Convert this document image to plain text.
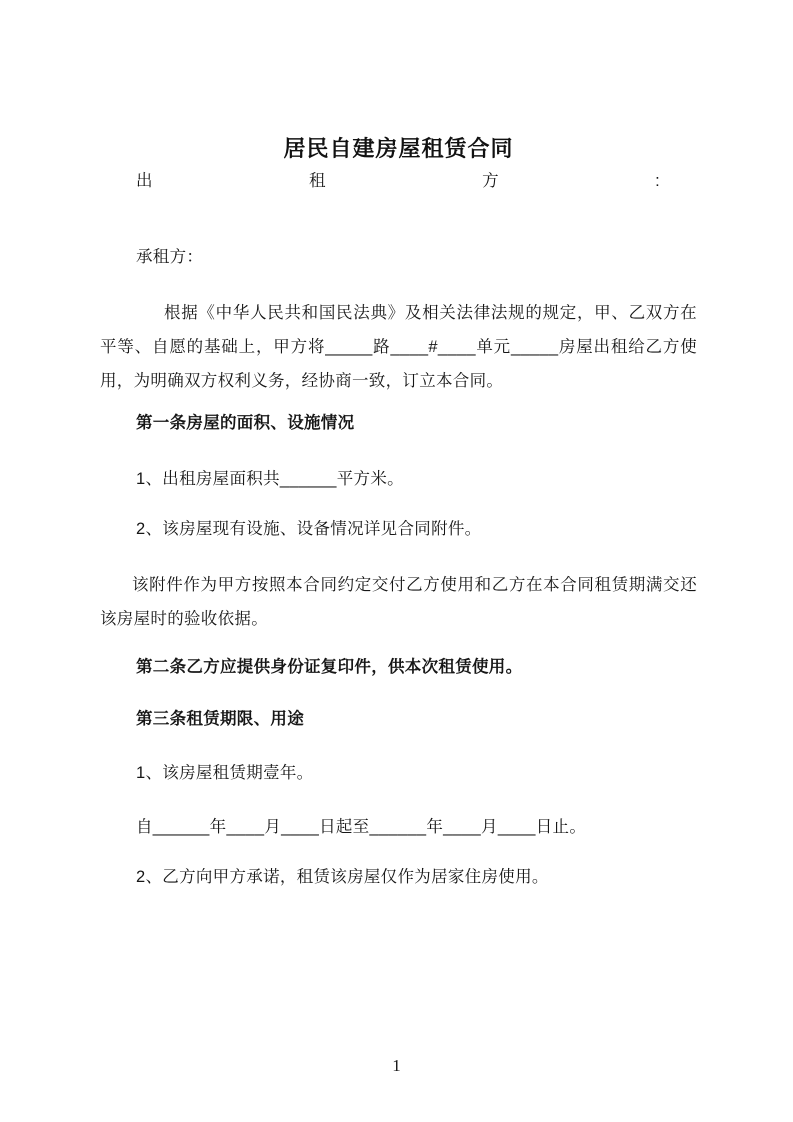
居民自建房屋租赁合同

出	租	方	:

承租方：

根据《中华人民共和国民法典》及相关法律法规的规定，甲、乙双方在平等、自愿的基础上，甲方将_____路____#____单元_____房屋出租给乙方使用，为明确双方权利义务，经协商一致，订立本合同。

第一条房屋的面积、设施情况

1、出租房屋面积共______平方米。

2、该房屋现有设施、设备情况详见合同附件。

该附件作为甲方按照本合同约定交付乙方使用和乙方在本合同租赁期满交还该房屋时的验收依据。

第二条乙方应提供身份证复印件，供本次租赁使用。

第三条租赁期限、用途

1、该房屋租赁期壹年。

自______年____月____日起至______年____月____日止。

2、乙方向甲方承诺，租赁该房屋仅作为居家住房使用。

1
